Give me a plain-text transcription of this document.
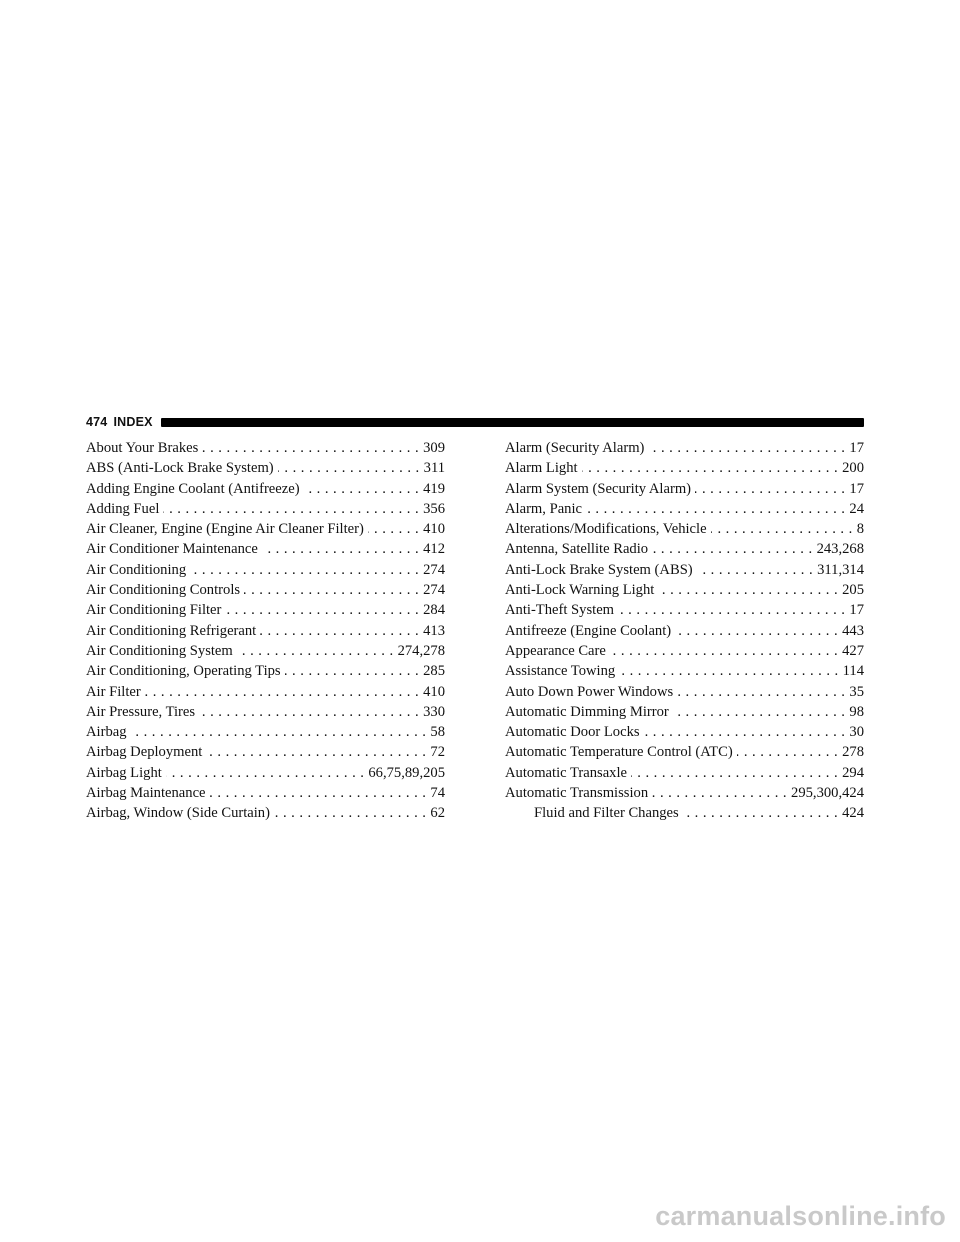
474 INDEX
About Your Brakes . . .	309
ABS (Anti-Lock Brake System) . . .	311
Adding Engine Coolant (Antifreeze) . . .	419
Adding Fuel . . .	356
Air Cleaner, Engine (Engine Air Cleaner Filter) . . .	410
Air Conditioner Maintenance . . .	412
Air Conditioning . . .	274
Air Conditioning Controls . . .	274
Air Conditioning Filter . . .	284
Air Conditioning Refrigerant . . .	413
Air Conditioning System . . .	274,278
Air Conditioning, Operating Tips . . .	285
Air Filter . . .	410
Air Pressure, Tires . . .	330
Airbag . . .	58
Airbag Deployment . . .	72
Airbag Light . . .	66,75,89,205
Airbag Maintenance . . .	74
Airbag, Window (Side Curtain) . . .	62
Alarm (Security Alarm) . . .	17
Alarm Light . . .	200
Alarm System (Security Alarm) . . .	17
Alarm, Panic . . .	24
Alterations/Modifications, Vehicle . . .	8
Antenna, Satellite Radio . . .	243,268
Anti-Lock Brake System (ABS) . . .	311,314
Anti-Lock Warning Light . . .	205
Anti-Theft System . . .	17
Antifreeze (Engine Coolant) . . .	443
Appearance Care . . .	427
Assistance Towing . . .	114
Auto Down Power Windows . . .	35
Automatic Dimming Mirror . . .	98
Automatic Door Locks . . .	30
Automatic Temperature Control (ATC) . . .	278
Automatic Transaxle . . .	294
Automatic Transmission . . .	295,300,424
Fluid and Filter Changes . . .	424
carmanualsonline.info
